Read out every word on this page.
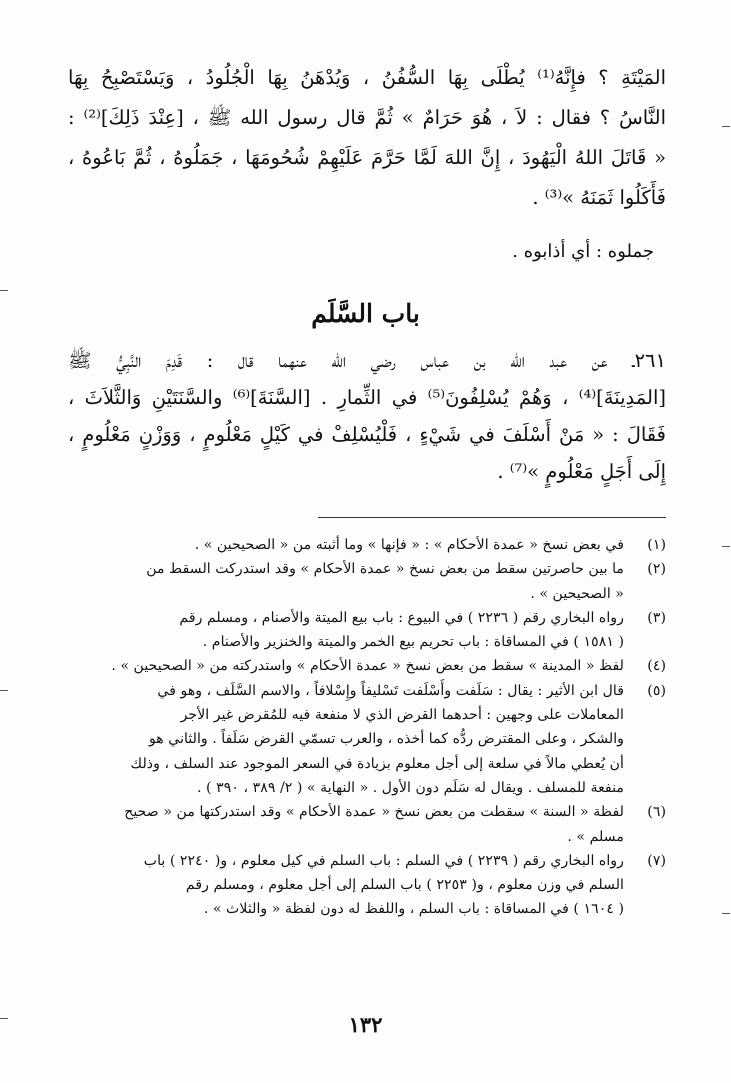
المَيْتَةِ ؟ فإِنَّهُ⁽¹⁾ يُطْلَى بِهَا السُّفُنُ ، وَيُدْهَنُ بِهَا الْجُلُودُ ، وَيَسْتَصْبِحُ بِهَا
النَّاسُ ؟ فقال : لاَ ، هُوَ حَرَامٌ » ثُمَّ قال رسول الله ﷺ ، [عِنْدَ ذَلِكَ]⁽²⁾ :
« قَاتَلَ اللهُ الْيَهُودَ ، إِنَّ اللهَ لَمَّا حَرَّمَ عَلَيْهِمْ شُحُومَهَا ، جَمَلُوهُ ، ثُمَّ بَاعُوهُ ،
فَأَكَلُوا ثَمَنَهُ »⁽³⁾ .
جملوه : أي أذابوه .
باب السَّلَم
٢٦١ـ عن عبد الله بن عباس رضي الله عنهما قال : قَدِمَ النَّبِيُّ ﷺ
[المَدِينَةَ]⁽⁴⁾ ، وَهُمْ يُسْلِفُونَ⁽⁵⁾ في الثِّمارِ . [السَّنَةَ]⁽⁶⁾ والسَّنَتَيْنِ وَالثَّلاَثَ ،
فَقَالَ : « مَنْ أَسْلَفَ في شَيْءٍ ، فَلْيُسْلِفْ في كَيْلٍ مَعْلُومٍ ، وَوَزْنٍ مَعْلُومٍ ،
إِلَى أَجَلٍ مَعْلُومٍ »⁽⁷⁾ .
(١)
في بعض نسخ « عمدة الأحكام » : « فإنها » وما أثبته من « الصحيحين » .
(٢)
ما بين حاصرتين سقط من بعض نسخ « عمدة الأحكام » وقد استدركت السقط من
« الصحيحين » .
(٣)
رواه البخاري رقم ( ٢٢٣٦ ) في البيوع : باب بيع الميتة والأصنام ، ومسلم رقم
( ١٥٨١ ) في المساقاة : باب تحريم بيع الخمر والميتة والخنزير والأصنام .
(٤)
لفظ « المدينة » سقط من بعض نسخ « عمدة الأحكام » واستدركته من « الصحيحين » .
(٥)
قال ابن الأثير : يقال : سَلَفت وأَسْلَفت تَسْليفاً وإِسْلافاً ، والاسم السَّلَف ، وهو في
المعاملات على وجهين : أحدهما القرض الذي لا منفعة فيه للمُقرض غير الأجر
والشكر ، وعلى المقترض ردُّه كما أخذه ، والعرب تسمّي القرض سَلَفاً . والثاني هو
أن يُعطي مالاً في سلعة إلى أجل معلوم بزيادة في السعر الموجود عند السلف ، وذلك
منفعة للمسلف . ويقال له سَلَم دون الأول . « النهاية » ( ٢/ ٣٨٩ ، ٣٩٠ ) .
(٦)
لفظة « السنة » سقطت من بعض نسخ « عمدة الأحكام » وقد استدركتها من « صحيح
مسلم » .
(٧)
رواه البخاري رقم ( ٢٢٣٩ ) في السلم : باب السلم في كيل معلوم ، و( ٢٢٤٠ ) باب
السلم في وزن معلوم ، و( ٢٢٥٣ ) باب السلم إلى أجل معلوم ، ومسلم رقم
( ١٦٠٤ ) في المساقاة : باب السلم ، واللفظ له دون لفظة « والثلاث » .
١٣٢
